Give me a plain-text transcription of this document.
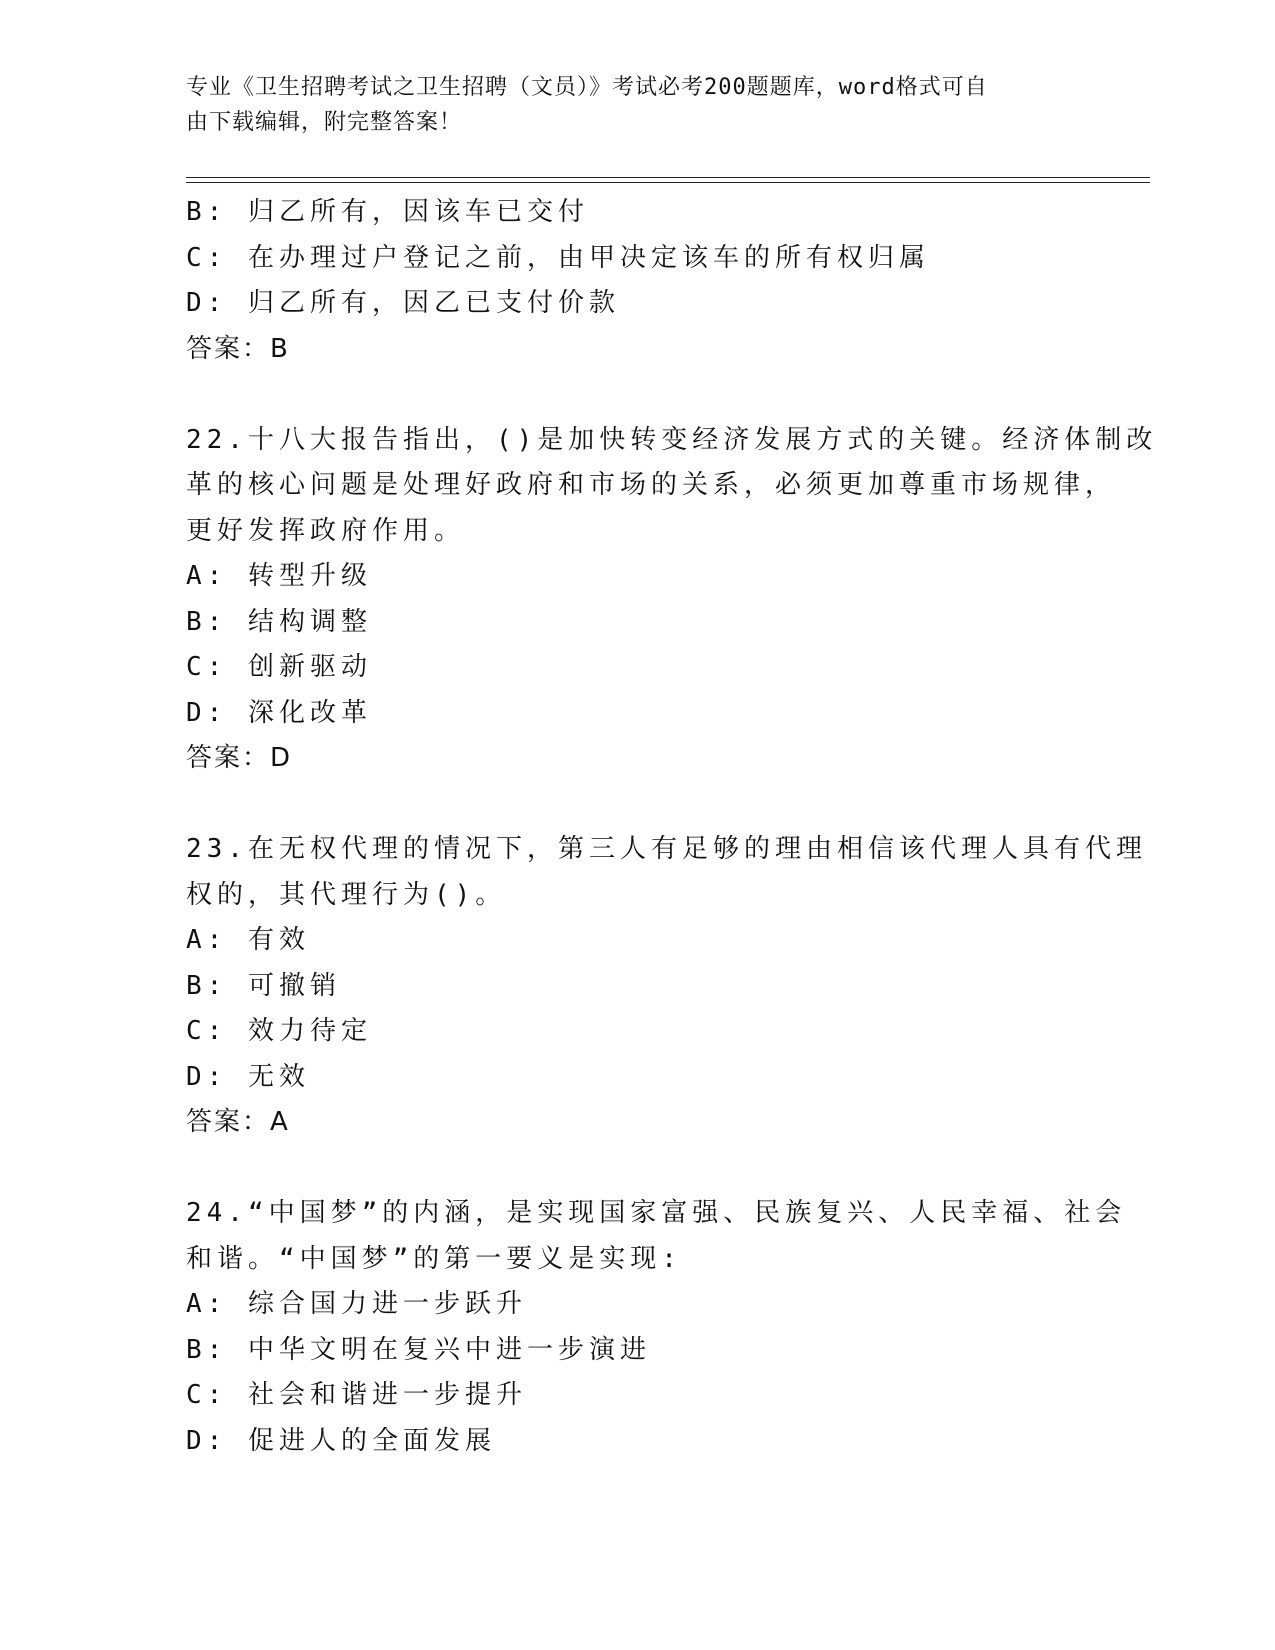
专业《卫生招聘考试之卫生招聘（文员）》考试必考200题题库，word格式可自
由下载编辑，附完整答案！
B: 归乙所有，因该车已交付
C: 在办理过户登记之前，由甲决定该车的所有权归属
D: 归乙所有，因乙已支付价款
答案：B
22.十八大报告指出，()是加快转变经济发展方式的关键。经济体制改
革的核心问题是处理好政府和市场的关系，必须更加尊重市场规律，
更好发挥政府作用。
A: 转型升级
B: 结构调整
C: 创新驱动
D: 深化改革
答案：D
23.在无权代理的情况下，第三人有足够的理由相信该代理人具有代理
权的，其代理行为()。
A: 有效
B: 可撤销
C: 效力待定
D: 无效
答案：A
24.“中国梦”的内涵，是实现国家富强、民族复兴、人民幸福、社会
和谐。“中国梦”的第一要义是实现:
A: 综合国力进一步跃升
B: 中华文明在复兴中进一步演进
C: 社会和谐进一步提升
D: 促进人的全面发展
